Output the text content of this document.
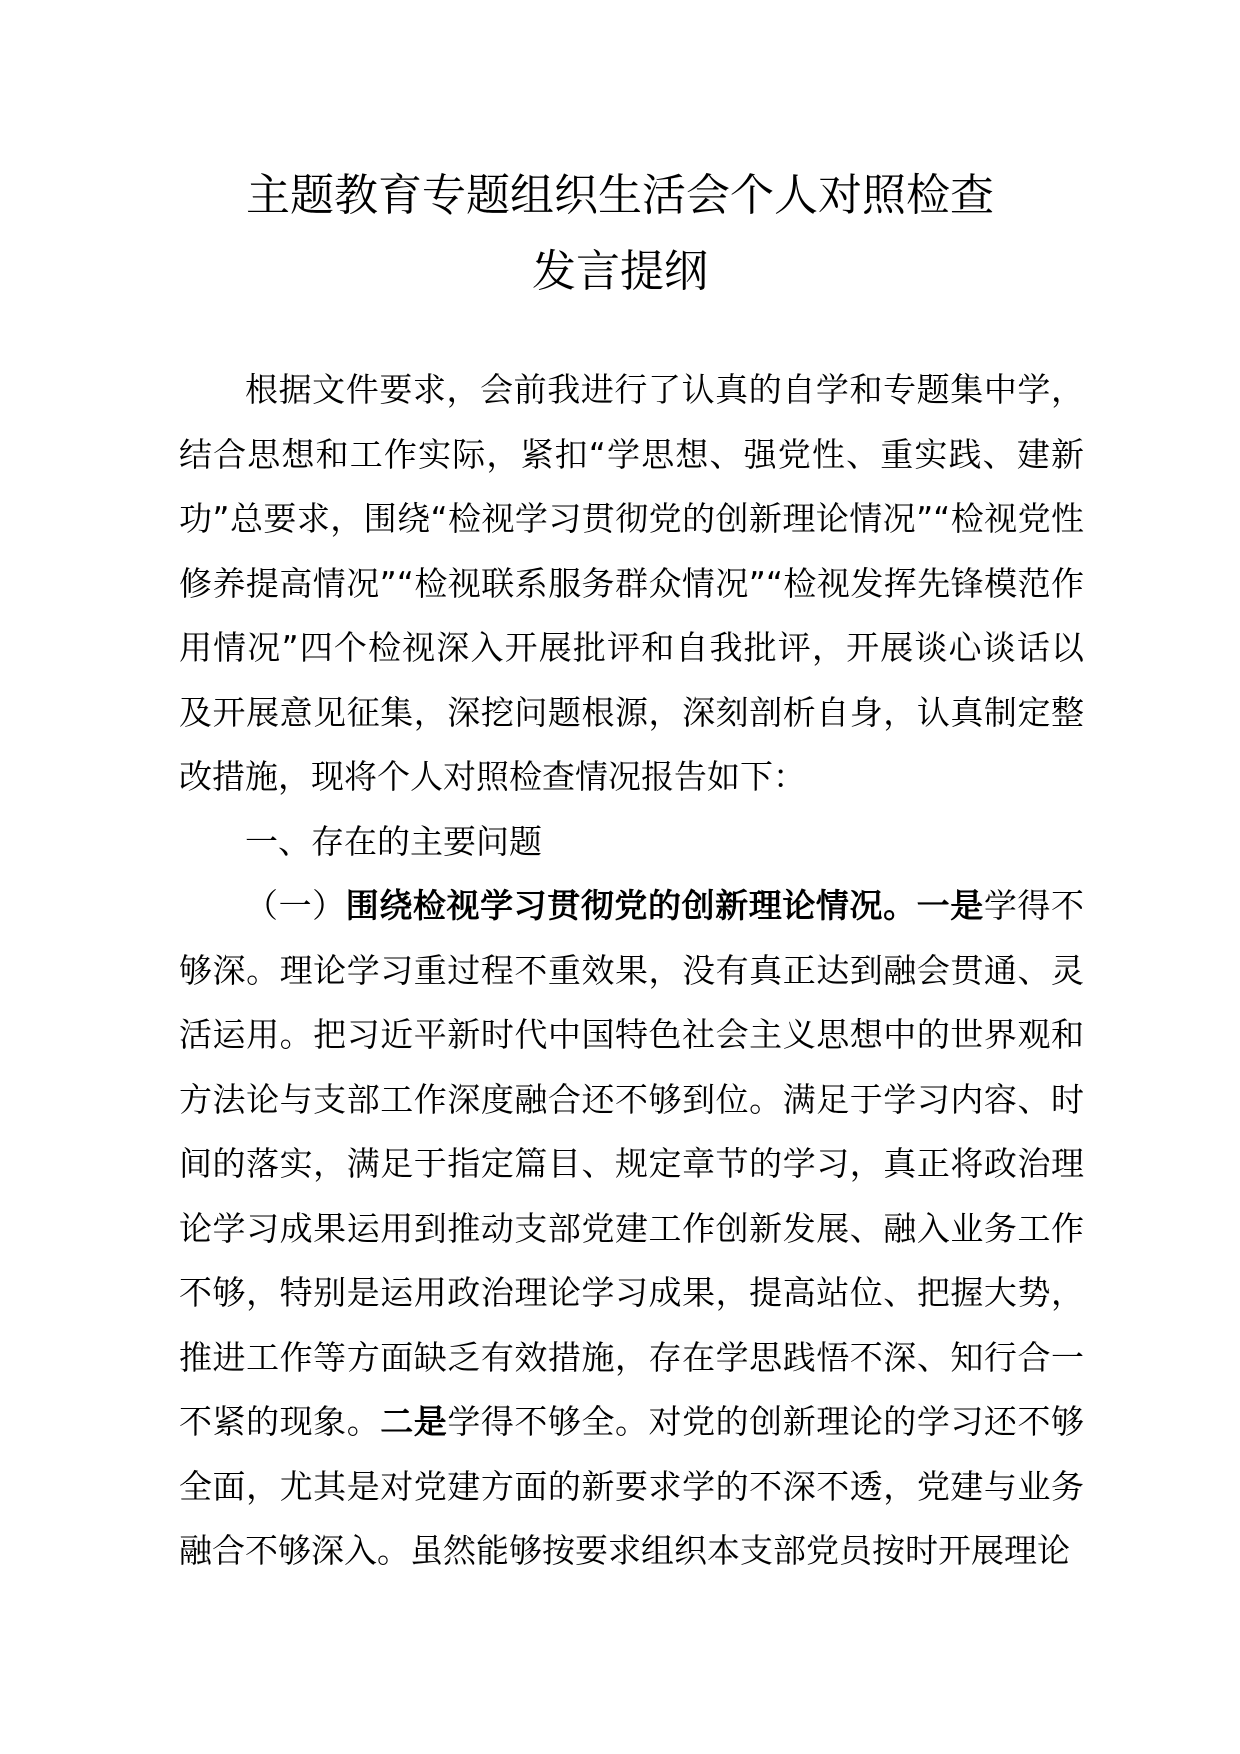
主题教育专题组织生活会个人对照检查
发言提纲

根据文件要求，会前我进行了认真的自学和专题集中学，结合思想和工作实际，紧扣“学思想、强党性、重实践、建新功”总要求，围绕“检视学习贯彻党的创新理论情况”“检视党性修养提高情况”“检视联系服务群众情况”“检视发挥先锋模范作用情况”四个检视深入开展批评和自我批评，开展谈心谈话以及开展意见征集，深挖问题根源，深刻剖析自身，认真制定整改措施，现将个人对照检查情况报告如下：

一、存在的主要问题

（一）围绕检视学习贯彻党的创新理论情况。一是学得不够深。理论学习重过程不重效果，没有真正达到融会贯通、灵活运用。把习近平新时代中国特色社会主义思想中的世界观和方法论与支部工作深度融合还不够到位。满足于学习内容、时间的落实，满足于指定篇目、规定章节的学习，真正将政治理论学习成果运用到推动支部党建工作创新发展、融入业务工作不够，特别是运用政治理论学习成果，提高站位、把握大势，推进工作等方面缺乏有效措施，存在学思践悟不深、知行合一不紧的现象。二是学得不够全。对党的创新理论的学习还不够全面，尤其是对党建方面的新要求学的不深不透，党建与业务融合不够深入。虽然能够按要求组织本支部党员按时开展理论
